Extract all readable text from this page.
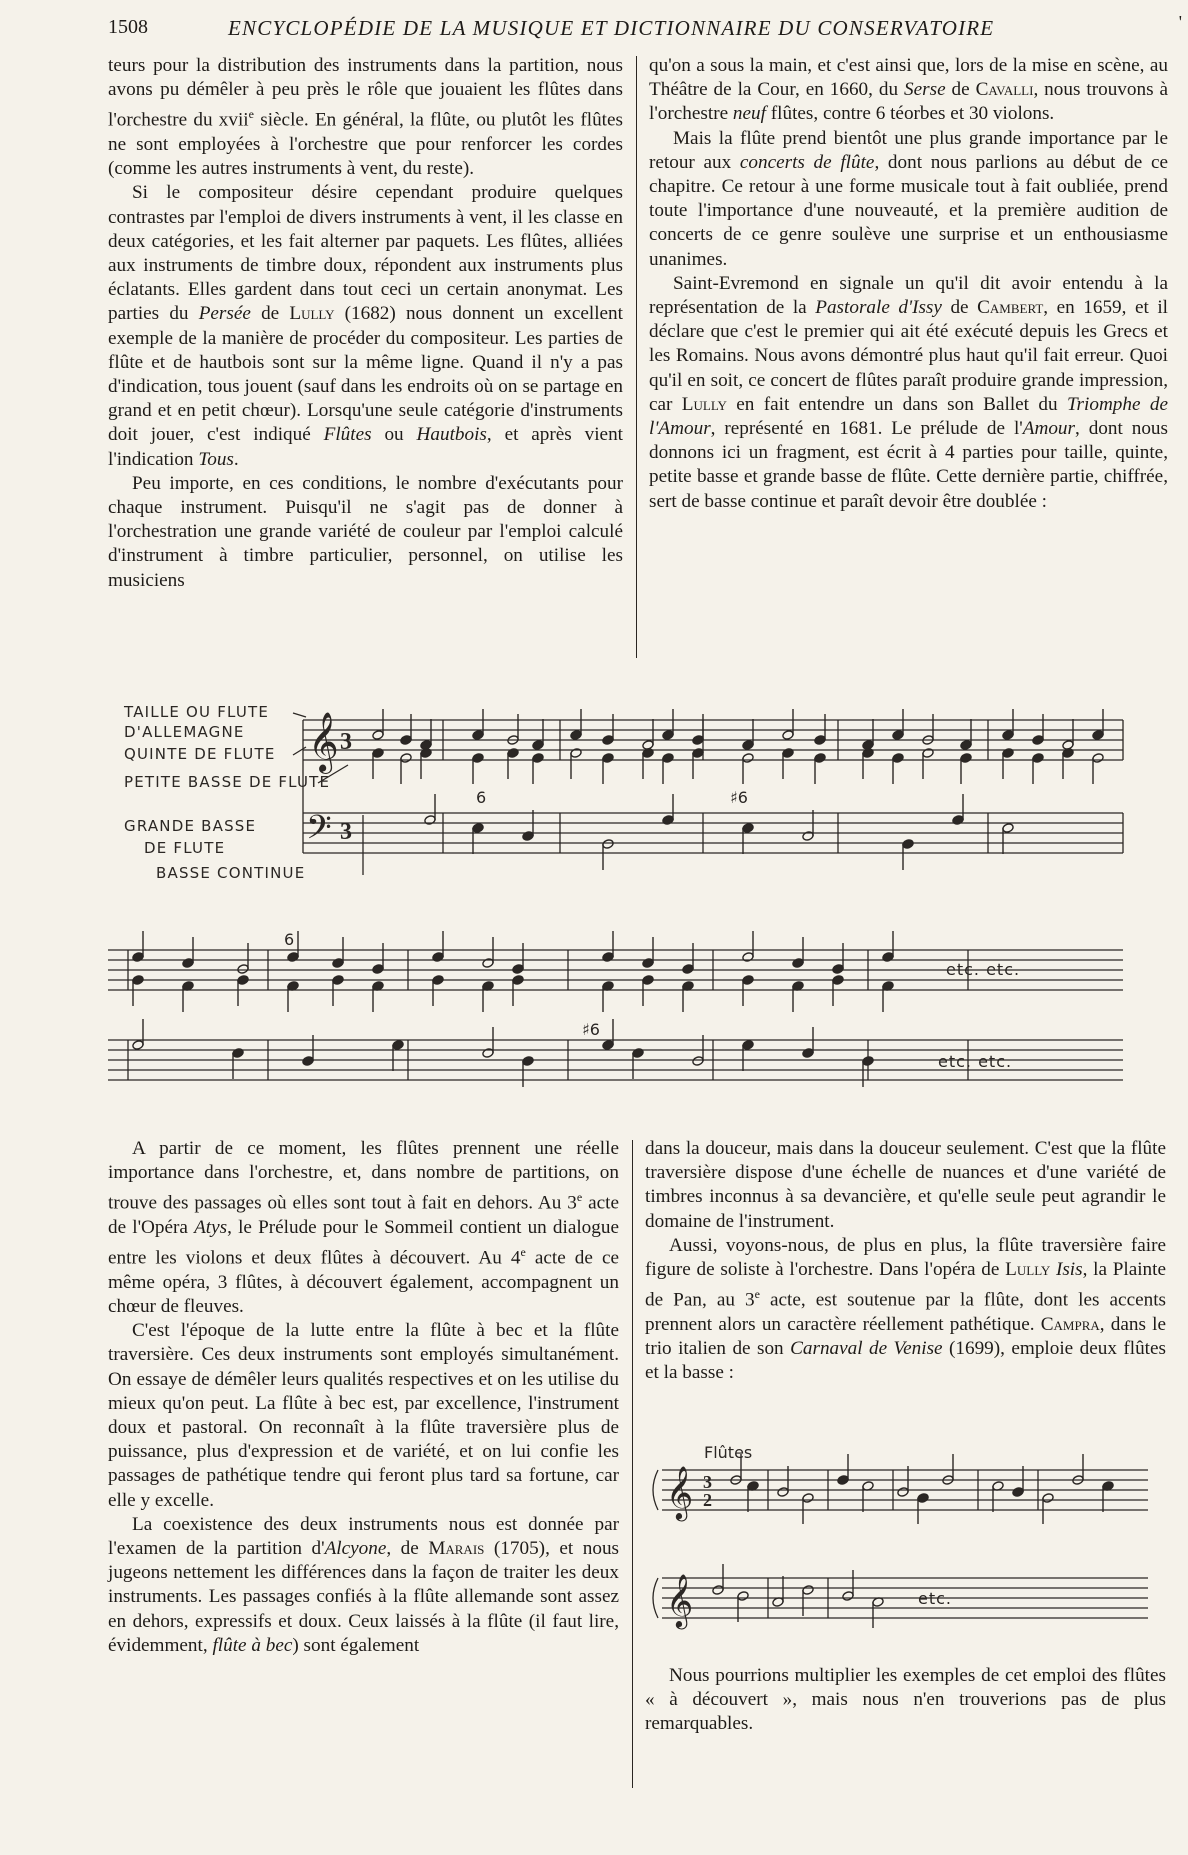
1508	ENCYCLOPÉDIE DE LA MUSIQUE ET DICTIONNAIRE DU CONSERVATOIRE	'

teurs pour la distribution des instruments dans la partition, nous avons pu démêler à peu près le rôle que jouaient les flûtes dans l'orchestre du xvii$^e$ siècle. En général, la flûte, ou plutôt les flûtes ne sont employées à l'orchestre que pour renforcer les cordes (comme les autres instruments à vent, du reste).

Si le compositeur désire cependant produire quelques contrastes par l'emploi de divers instruments à vent, il les classe en deux catégories, et les fait alterner par paquets. Les flûtes, alliées aux instruments de timbre doux, répondent aux instruments plus éclatants. Elles gardent dans tout ceci un certain anonymat. Les parties du Persée de Lully (1682) nous donnent un excellent exemple de la manière de procéder du compositeur. Les parties de flûte et de hautbois sont sur la même ligne. Quand il n'y a pas d'indication, tous jouent (sauf dans les endroits où on se partage en grand et en petit chœur). Lorsqu'une seule catégorie d'instruments doit jouer, c'est indiqué Flûtes ou Hautbois, et après vient l'indication Tous.

Peu importe, en ces conditions, le nombre d'exécutants pour chaque instrument. Puisqu'il ne s'agit pas de donner à l'orchestration une grande variété de couleur par l'emploi calculé d'instrument à timbre particulier, personnel, on utilise les musiciens

qu'on a sous la main, et c'est ainsi que, lors de la mise en scène, au Théâtre de la Cour, en 1660, du Serse de Cavalli, nous trouvons à l'orchestre neuf flûtes, contre 6 téorbes et 30 violons.

Mais la flûte prend bientôt une plus grande importance par le retour aux concerts de flûte, dont nous parlions au début de ce chapitre. Ce retour à une forme musicale tout à fait oubliée, prend toute l'importance d'une nouveauté, et la première audition de concerts de ce genre soulève une surprise et un enthousiasme unanimes.

Saint-Evremond en signale un qu'il dit avoir entendu à la représentation de la Pastorale d'Issy de Cambert, en 1659, et il déclare que c'est le premier qui ait été exécuté depuis les Grecs et les Romains. Nous avons démontré plus haut qu'il fait erreur. Quoi qu'il en soit, ce concert de flûtes paraît produire grande impression, car Lully en fait entendre un dans son Ballet du Triomphe de l'Amour, représenté en 1681. Le prélude de l'Amour, dont nous donnons ici un fragment, est écrit à 4 parties pour taille, quinte, petite basse et grande basse de flûte. Cette dernière partie, chiffrée, sert de basse continue et paraît devoir être doublée :

𝄞
𝄢
3
3
TAILLE OU FLUTE
D'ALLEMAGNE
QUINTE DE FLUTE
PETITE BASSE DE FLUTE
GRANDE BASSE
DE FLUTE
BASSE CONTINUE
6	♯6
♯6
6
etc. etc.
etc. etc.

A partir de ce moment, les flûtes prennent une réelle importance dans l'orchestre, et, dans nombre de partitions, on trouve des passages où elles sont tout à fait en dehors. Au 3e acte de l'Opéra Atys, le Prélude pour le Sommeil contient un dialogue entre les violons et deux flûtes à découvert. Au 4e acte de ce même opéra, 3 flûtes, à découvert également, accompagnent un chœur de fleuves.

C'est l'époque de la lutte entre la flûte à bec et la flûte traversière. Ces deux instruments sont employés simultanément. On essaye de démêler leurs qualités respectives et on les utilise du mieux qu'on peut. La flûte à bec est, par excellence, l'instrument doux et pastoral. On reconnaît à la flûte traversière plus de puissance, plus d'expression et de variété, et on lui confie les passages de pathétique tendre qui feront plus tard sa fortune, car elle y excelle.

La coexistence des deux instruments nous est donnée par l'examen de la partition d'Alcyone, de Marais (1705), et nous jugeons nettement les différences dans la façon de traiter les deux instruments. Les passages confiés à la flûte allemande sont assez en dehors, expressifs et doux. Ceux laissés à la flûte (il faut lire, évidemment, flûte à bec) sont également

dans la douceur, mais dans la douceur seulement. C'est que la flûte traversière dispose d'une échelle de nuances et d'une variété de timbres inconnus à sa devancière, et qu'elle seule peut agrandir le domaine de l'instrument.

Aussi, voyons-nous, de plus en plus, la flûte traversière faire figure de soliste à l'orchestre. Dans l'opéra de Lully Isis, la Plainte de Pan, au 3e acte, est soutenue par la flûte, dont les accents prennent alors un caractère réellement pathétique. Campra, dans le trio italien de son Carnaval de Venise (1699), emploie deux flûtes et la basse :

𝄞
𝄞
3
2
Flûtes
etc.

Nous pourrions multiplier les exemples de cet emploi des flûtes « à découvert », mais nous n'en trouverions pas de plus remarquables.
